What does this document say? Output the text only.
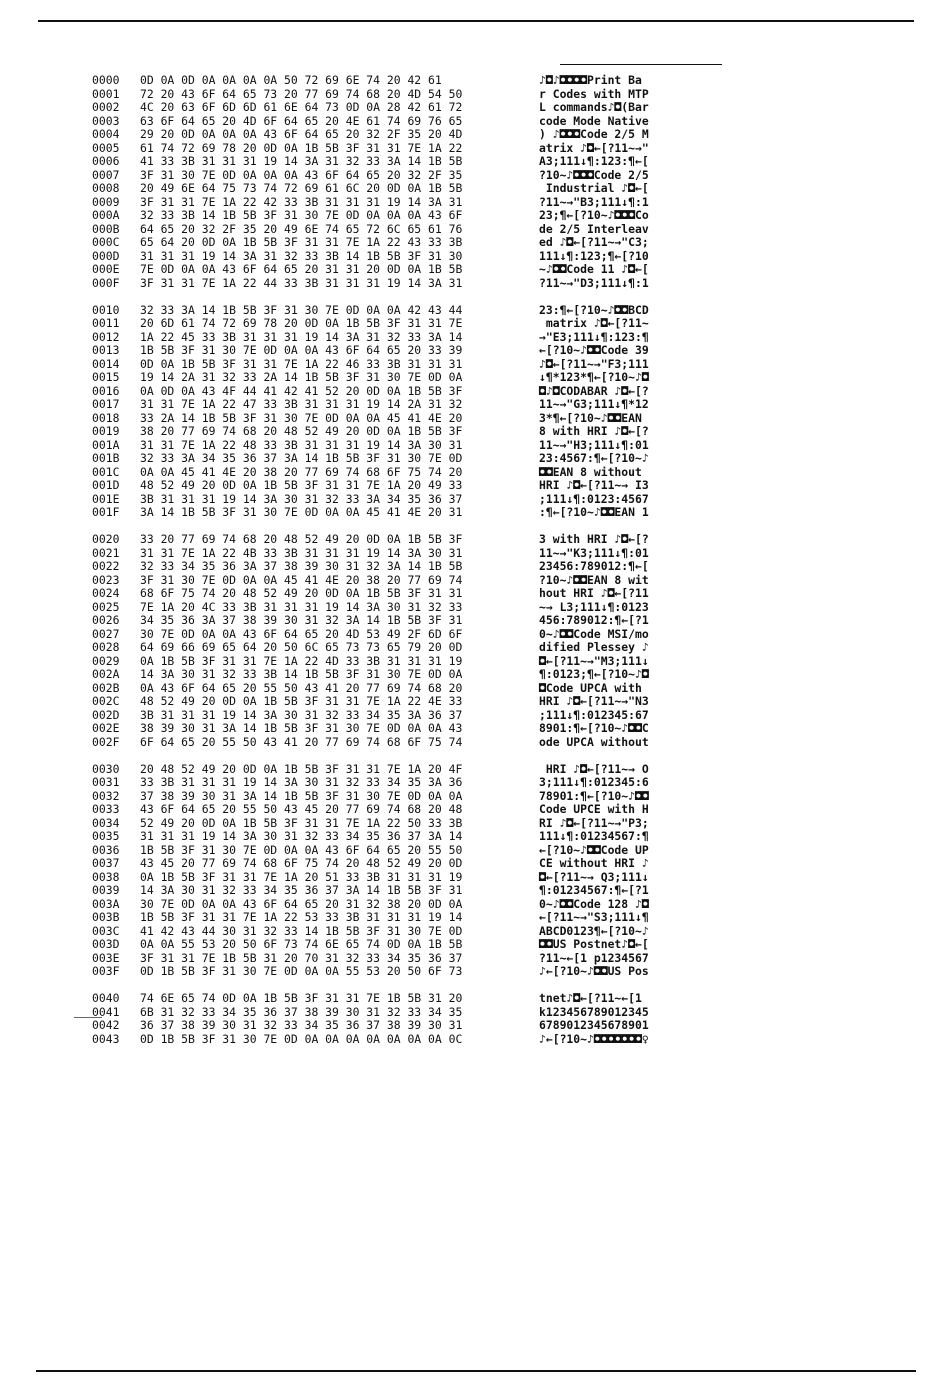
0000 0D 0A 0D 0A 0A 0A 0A 50 72 69 6E 74 20 42 61	♪◘♪◘◘◘◘Print Ba
0001 72 20 43 6F 64 65 73 20 77 69 74 68 20 4D 54 50	r Codes with MTP
0002 4C 20 63 6F 6D 6D 61 6E 64 73 0D 0A 28 42 61 72	L commands♪◘(Bar
0003 63 6F 64 65 20 4D 6F 64 65 20 4E 61 74 69 76 65	code Mode Native
0004 29 20 0D 0A 0A 0A 43 6F 64 65 20 32 2F 35 20 4D	) ♪◘◘◘Code 2/5 M
0005 61 74 72 69 78 20 0D 0A 1B 5B 3F 31 31 7E 1A 22	atrix ♪◘←[?11~→"
0006 41 33 3B 31 31 31 19 14 3A 31 32 33 3A 14 1B 5B	A3;111↓¶:123:¶←[
0007 3F 31 30 7E 0D 0A 0A 0A 43 6F 64 65 20 32 2F 35	?10~♪◘◘◘Code 2/5
0008 20 49 6E 64 75 73 74 72 69 61 6C 20 0D 0A 1B 5B	Industrial ♪◘←[
0009 3F 31 31 7E 1A 22 42 33 3B 31 31 31 19 14 3A 31	?11~→"B3;111↓¶:1
000A 32 33 3B 14 1B 5B 3F 31 30 7E 0D 0A 0A 0A 43 6F	23;¶←[?10~♪◘◘◘Co
000B 64 65 20 32 2F 35 20 49 6E 74 65 72 6C 65 61 76	de 2/5 Interleav
000C 65 64 20 0D 0A 1B 5B 3F 31 31 7E 1A 22 43 33 3B	ed ♪◘←[?11~→"C3;
000D 31 31 31 19 14 3A 31 32 33 3B 14 1B 5B 3F 31 30	111↓¶:123;¶←[?10
000E 7E 0D 0A 0A 43 6F 64 65 20 31 31 20 0D 0A 1B 5B	~♪◘◘Code 11 ♪◘←[
000F 3F 31 31 7E 1A 22 44 33 3B 31 31 31 19 14 3A 31	?11~→"D3;111↓¶:1
0010 32 33 3A 14 1B 5B 3F 31 30 7E 0D 0A 0A 42 43 44	23:¶←[?10~♪◘◘BCD
0011 20 6D 61 74 72 69 78 20 0D 0A 1B 5B 3F 31 31 7E	matrix ♪◘←[?11~
0012 1A 22 45 33 3B 31 31 31 19 14 3A 31 32 33 3A 14	→"E3;111↓¶:123:¶
0013 1B 5B 3F 31 30 7E 0D 0A 0A 43 6F 64 65 20 33 39	←[?10~♪◘◘Code 39
0014 0D 0A 1B 5B 3F 31 31 7E 1A 22 46 33 3B 31 31 31	♪◘←[?11~→"F3;111
0015 19 14 2A 31 32 33 2A 14 1B 5B 3F 31 30 7E 0D 0A	↓¶*123*¶←[?10~♪◘
0016 0A 0D 0A 43 4F 44 41 42 41 52 20 0D 0A 1B 5B 3F	◘♪◘CODABAR ♪◘←[?
0017 31 31 7E 1A 22 47 33 3B 31 31 31 19 14 2A 31 32	11~→"G3;111↓¶*12
0018 33 2A 14 1B 5B 3F 31 30 7E 0D 0A 0A 45 41 4E 20	3*¶←[?10~♪◘◘EAN
0019 38 20 77 69 74 68 20 48 52 49 20 0D 0A 1B 5B 3F	8 with HRI ♪◘←[?
001A 31 31 7E 1A 22 48 33 3B 31 31 31 19 14 3A 30 31	11~→"H3;111↓¶:01
001B 32 33 3A 34 35 36 37 3A 14 1B 5B 3F 31 30 7E 0D	23:4567:¶←[?10~♪
001C 0A 0A 45 41 4E 20 38 20 77 69 74 68 6F 75 74 20	◘◘EAN 8 without
001D 48 52 49 20 0D 0A 1B 5B 3F 31 31 7E 1A 20 49 33	HRI ♪◘←[?11~→ I3
001E 3B 31 31 31 19 14 3A 30 31 32 33 3A 34 35 36 37	;111↓¶:0123:4567
001F 3A 14 1B 5B 3F 31 30 7E 0D 0A 0A 45 41 4E 20 31	:¶←[?10~♪◘◘EAN 1
0020 33 20 77 69 74 68 20 48 52 49 20 0D 0A 1B 5B 3F	3 with HRI ♪◘←[?
0021 31 31 7E 1A 22 4B 33 3B 31 31 31 19 14 3A 30 31	11~→"K3;111↓¶:01
0022 32 33 34 35 36 3A 37 38 39 30 31 32 3A 14 1B 5B	23456:789012:¶←[
0023 3F 31 30 7E 0D 0A 0A 45 41 4E 20 38 20 77 69 74	?10~♪◘◘EAN 8 wit
0024 68 6F 75 74 20 48 52 49 20 0D 0A 1B 5B 3F 31 31	hout HRI ♪◘←[?11
0025 7E 1A 20 4C 33 3B 31 31 31 19 14 3A 30 31 32 33	~→ L3;111↓¶:0123
0026 34 35 36 3A 37 38 39 30 31 32 3A 14 1B 5B 3F 31	456:789012:¶←[?1
0027 30 7E 0D 0A 0A 43 6F 64 65 20 4D 53 49 2F 6D 6F	0~♪◘◘Code MSI/mo
0028 64 69 66 69 65 64 20 50 6C 65 73 73 65 79 20 0D	dified Plessey ♪
0029 0A 1B 5B 3F 31 31 7E 1A 22 4D 33 3B 31 31 31 19	◘←[?11~→"M3;111↓
002A 14 3A 30 31 32 33 3B 14 1B 5B 3F 31 30 7E 0D 0A	¶:0123;¶←[?10~♪◘
002B 0A 43 6F 64 65 20 55 50 43 41 20 77 69 74 68 20	◘Code UPCA with
002C 48 52 49 20 0D 0A 1B 5B 3F 31 31 7E 1A 22 4E 33	HRI ♪◘←[?11~→"N3
002D 3B 31 31 31 19 14 3A 30 31 32 33 34 35 3A 36 37	;111↓¶:012345:67
002E 38 39 30 31 3A 14 1B 5B 3F 31 30 7E 0D 0A 0A 43	8901:¶←[?10~♪◘◘C
002F 6F 64 65 20 55 50 43 41 20 77 69 74 68 6F 75 74	ode UPCA without
0030 20 48 52 49 20 0D 0A 1B 5B 3F 31 31 7E 1A 20 4F	HRI ♪◘←[?11~→ O
0031 33 3B 31 31 31 19 14 3A 30 31 32 33 34 35 3A 36	3;111↓¶:012345:6
0032 37 38 39 30 31 3A 14 1B 5B 3F 31 30 7E 0D 0A 0A	78901:¶←[?10~♪◘◘
0033 43 6F 64 65 20 55 50 43 45 20 77 69 74 68 20 48	Code UPCE with H
0034 52 49 20 0D 0A 1B 5B 3F 31 31 7E 1A 22 50 33 3B	RI ♪◘←[?11~→"P3;
0035 31 31 31 19 14 3A 30 31 32 33 34 35 36 37 3A 14	111↓¶:01234567:¶
0036 1B 5B 3F 31 30 7E 0D 0A 0A 43 6F 64 65 20 55 50	←[?10~♪◘◘Code UP
0037 43 45 20 77 69 74 68 6F 75 74 20 48 52 49 20 0D	CE without HRI ♪
0038 0A 1B 5B 3F 31 31 7E 1A 20 51 33 3B 31 31 31 19	◘←[?11~→ Q3;111↓
0039 14 3A 30 31 32 33 34 35 36 37 3A 14 1B 5B 3F 31	¶:01234567:¶←[?1
003A 30 7E 0D 0A 0A 43 6F 64 65 20 31 32 38 20 0D 0A	0~♪◘◘Code 128 ♪◘
003B 1B 5B 3F 31 31 7E 1A 22 53 33 3B 31 31 31 19 14	←[?11~→"S3;111↓¶
003C 41 42 43 44 30 31 32 33 14 1B 5B 3F 31 30 7E 0D	ABCD0123¶←[?10~♪
003D 0A 0A 55 53 20 50 6F 73 74 6E 65 74 0D 0A 1B 5B	◘◘US Postnet♪◘←[
003E 3F 31 31 7E 1B 5B 31 20 70 31 32 33 34 35 36 37	?11~←[1 p1234567
003F 0D 1B 5B 3F 31 30 7E 0D 0A 0A 55 53 20 50 6F 73	♪←[?10~♪◘◘US Pos
0040 74 6E 65 74 0D 0A 1B 5B 3F 31 31 7E 1B 5B 31 20	tnet♪◘←[?11~←[1
0041 6B 31 32 33 34 35 36 37 38 39 30 31 32 33 34 35	k123456789012345
0042 36 37 38 39 30 31 32 33 34 35 36 37 38 39 30 31	6789012345678901
0043 0D 1B 5B 3F 31 30 7E 0D 0A 0A 0A 0A 0A 0A 0A 0C	♪←[?10~♪◘◘◘◘◘◘◘♀
